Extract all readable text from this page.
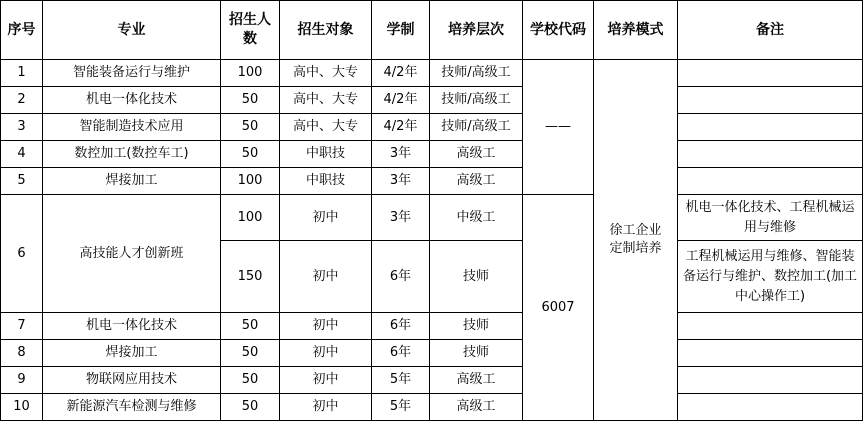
序号	专业	招生人数	招生对象	学制	培养层次	学校代码	培养模式	备注
1	智能装备运行与维护	100	高中、大专	4/2年	技师/高级工	——	徐工企业定制培养	
2	机电一体化技术	50	高中、大专	4/2年	技师/高级工			
3	智能制造技术应用	50	高中、大专	4/2年	技师/高级工			
4	数控加工(数控车工)	50	中职技	3年	高级工			
5	焊接加工	100	中职技	3年	高级工			
6	高技能人才创新班	100	初中	3年	中级工	6007		机电一体化技术、工程机械运用与维修
		150	初中	6年	技师			工程机械运用与维修、智能装备运行与维护、数控加工(加工中心操作工)
7	机电一体化技术	50	初中	6年	技师			
8	焊接加工	50	初中	6年	技师			
9	物联网应用技术	50	初中	5年	高级工			
10	新能源汽车检测与维修	50	初中	5年	高级工			
